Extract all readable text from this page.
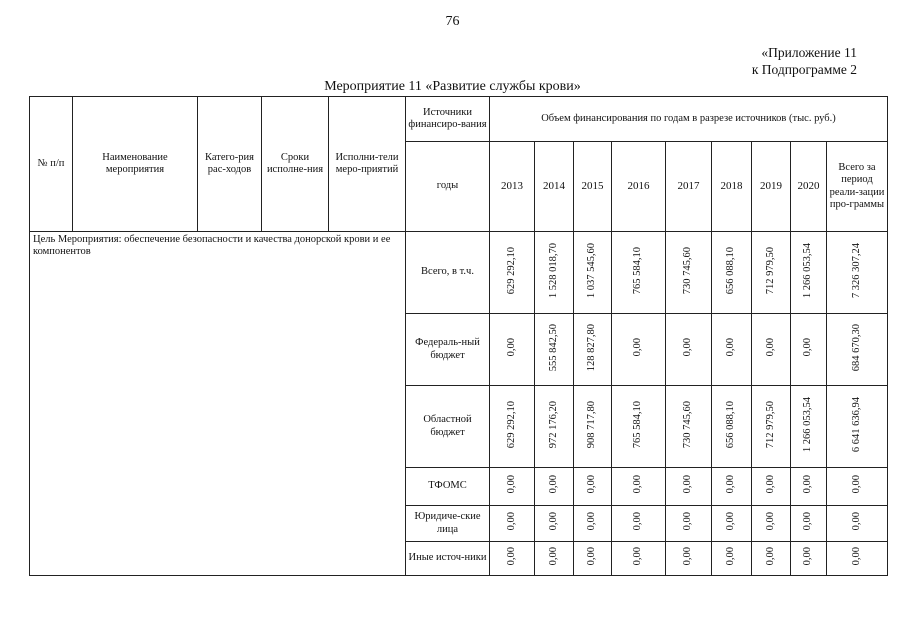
76
«Приложение 11
к Подпрограмме 2
Мероприятие 11 «Развитие службы крови»
№ п/п	Наименование мероприятия	Катего-рия рас-ходов	Сроки исполне-ния	Исполни-тели меро-приятий	Источники финансиро-вания	Объем финансирования по годам в разрезе источников (тыс. руб.)								
					годы	2013	2014	2015	2016	2017	2018	2019	2020	Всего за период реали-зации про-граммы
Цель Мероприятия: обеспечение безопасности и качества донорской крови и ее компонентов					Всего, в т.ч.	629 292,10	1 528 018,70	1 037 545,60	765 584,10	730 745,60	656 088,10	712 979,50	1 266 053,54	7 326 307,24
					Федераль-ный бюджет	0,00	555 842,50	128 827,80	0,00	0,00	0,00	0,00	0,00	684 670,30
					Областной бюджет	629 292,10	972 176,20	908 717,80	765 584,10	730 745,60	656 088,10	712 979,50	1 266 053,54	6 641 636,94
					ТФОМС	0,00	0,00	0,00	0,00	0,00	0,00	0,00	0,00	0,00
					Юридиче-ские лица	0,00	0,00	0,00	0,00	0,00	0,00	0,00	0,00	0,00
					Иные источ-ники	0,00	0,00	0,00	0,00	0,00	0,00	0,00	0,00	0,00
